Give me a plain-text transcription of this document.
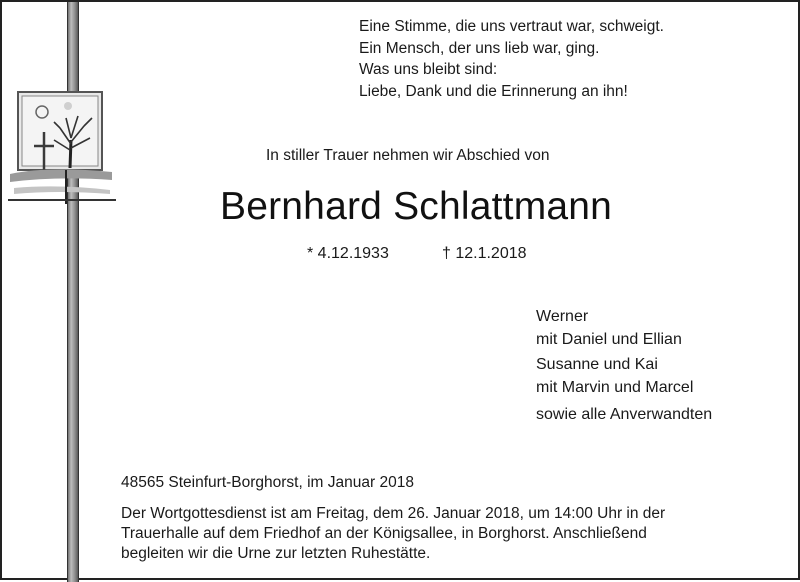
Eine Stimme, die uns vertraut war, schweigt.
Ein Mensch, der uns lieb war, ging.
Was uns bleibt sind:
Liebe, Dank und die Erinnerung an ihn!
In stiller Trauer nehmen wir Abschied von
Bernhard Schlattmann
* 4.12.1933	† 12.1.2018
Werner
mit Daniel und Ellian
Susanne und Kai
mit Marvin und Marcel
sowie alle Anverwandten
48565 Steinfurt-Borghorst, im Januar 2018
Der Wortgottesdienst ist am Freitag, dem 26. Januar 2018, um 14:00 Uhr in der
Trauerhalle auf dem Friedhof an der Königsallee, in Borghorst. Anschließend
begleiten wir die Urne zur letzten Ruhestätte.
